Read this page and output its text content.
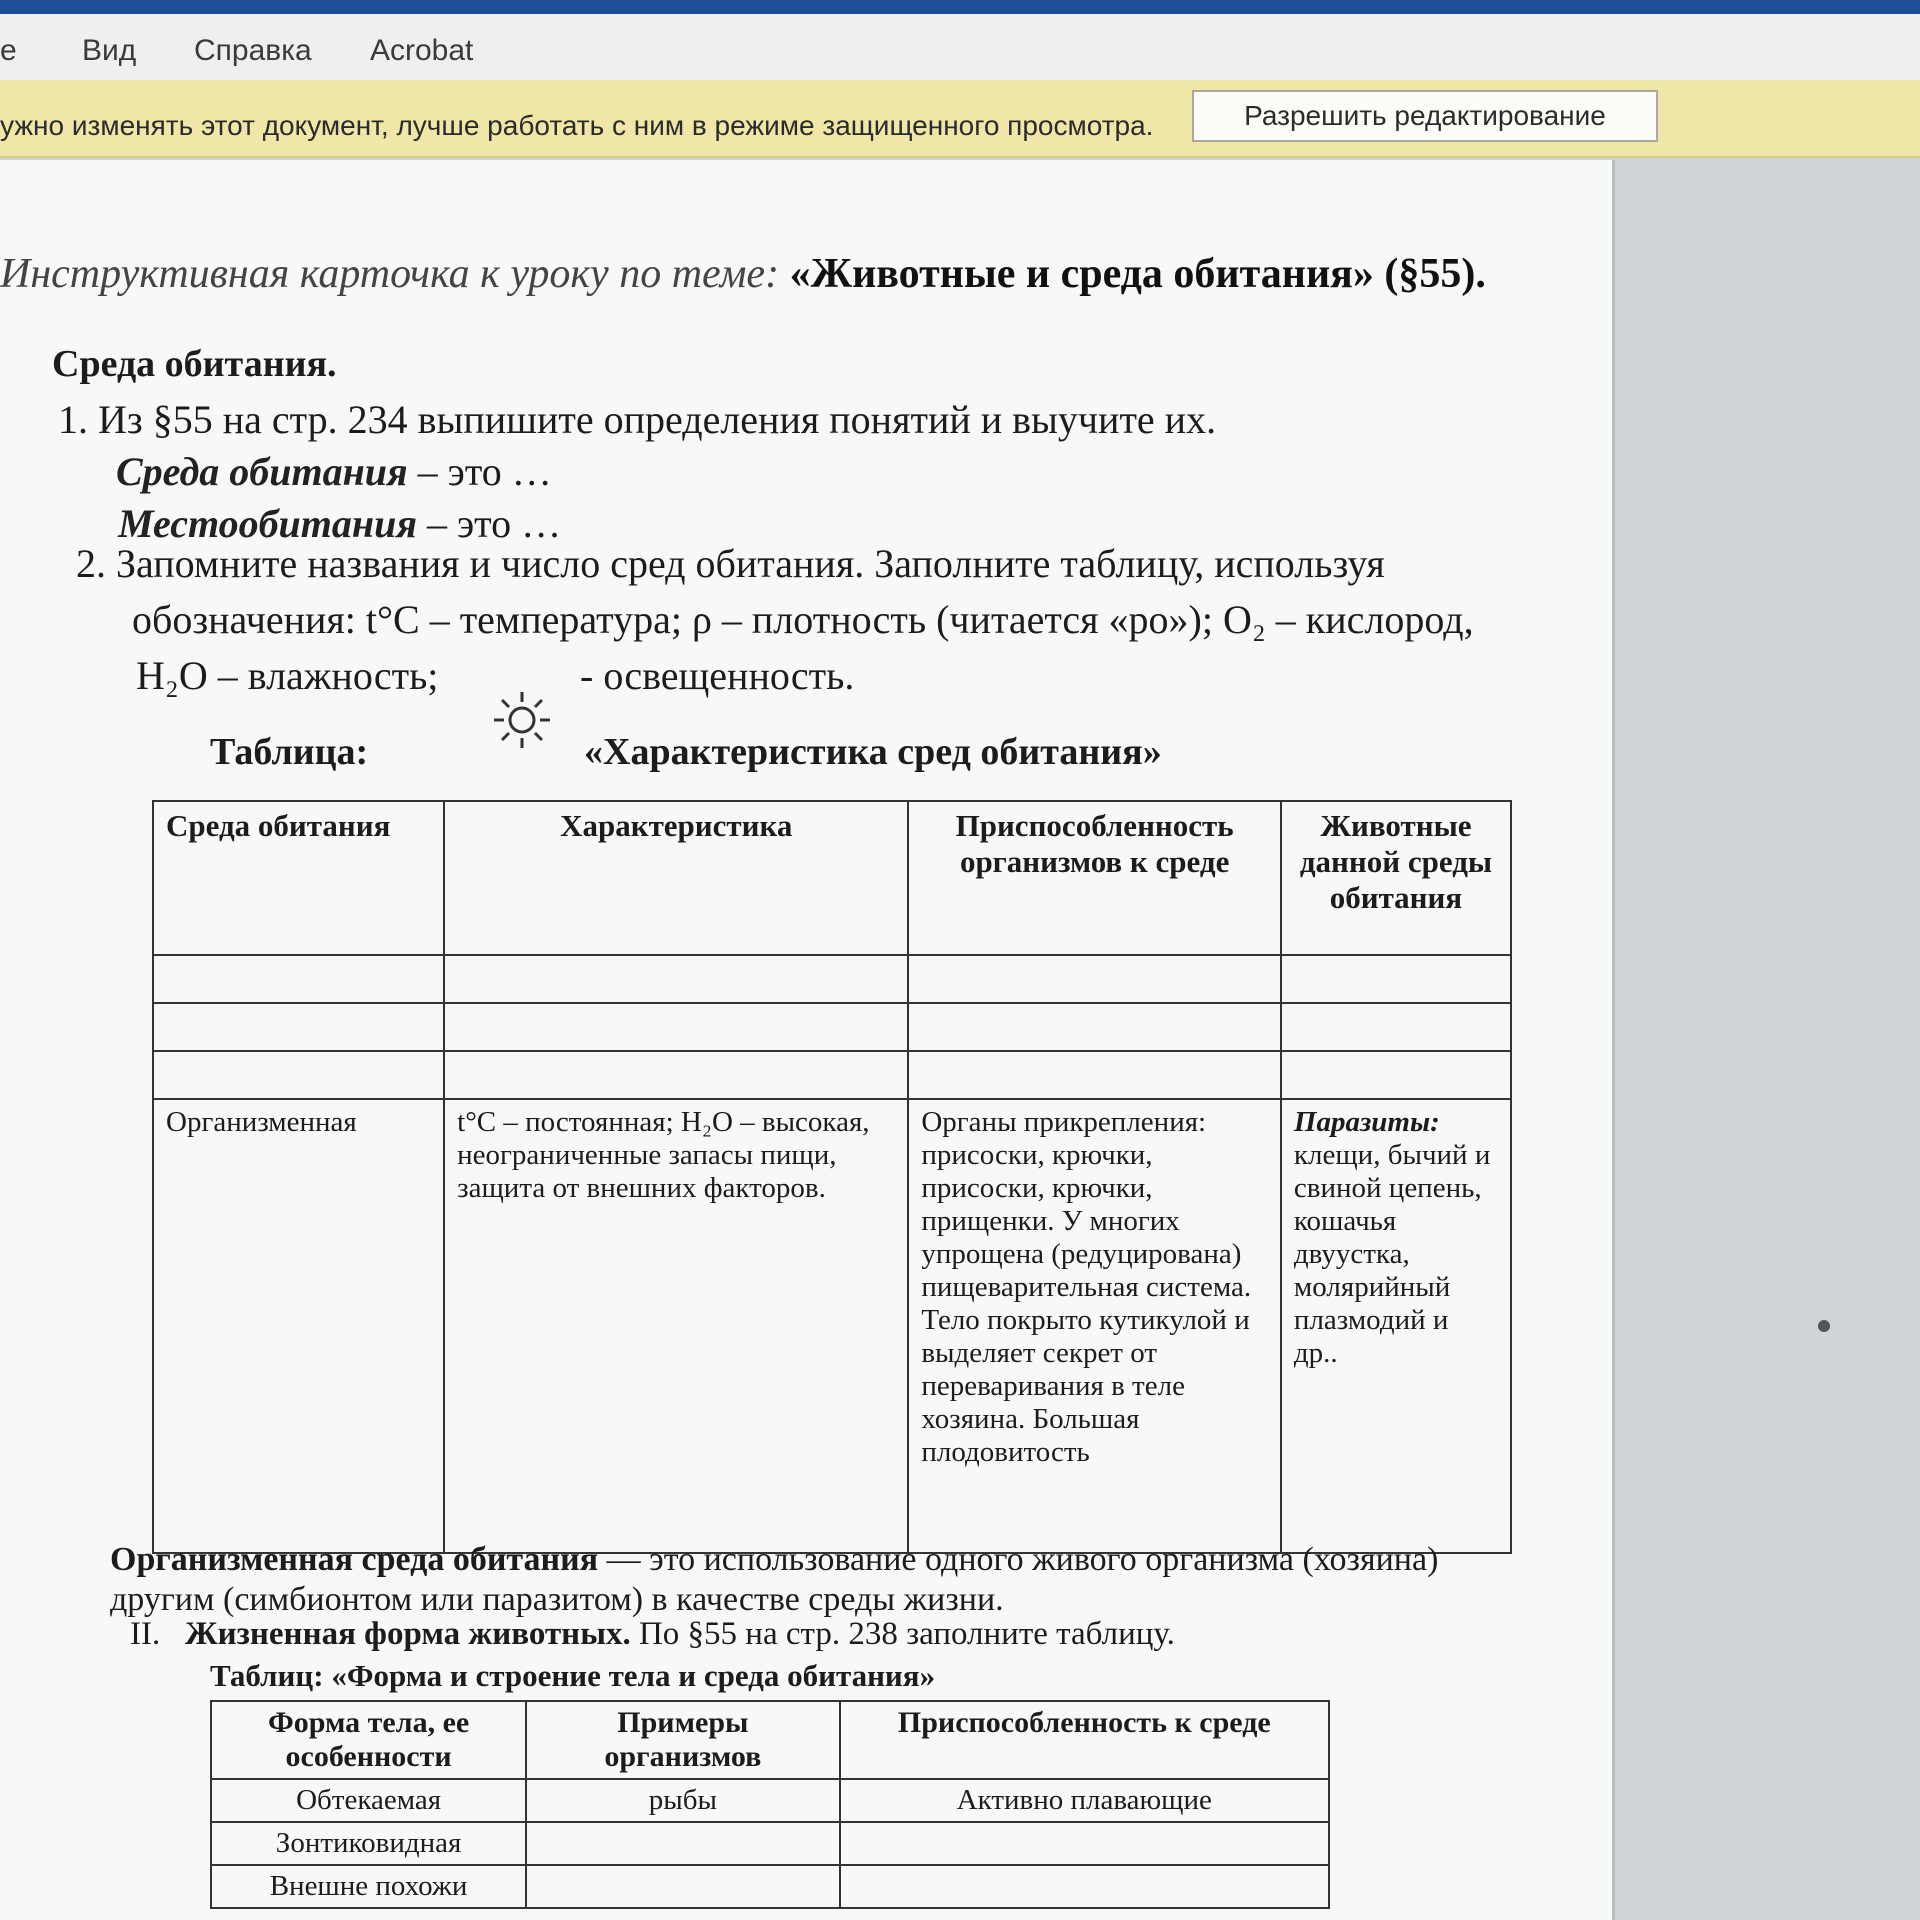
е Вид Справка Acrobat
ужно изменять этот документ, лучше работать с ним в режиме защищенного просмотра.	Разрешить редактирование
Инструктивная карточка к уроку по теме: «Животные и среда обитания» (§55).
Среда обитания.
1. Из §55 на стр. 234 выпишите определения понятий и выучите их.
Среда обитания – это …
Местообитания – это …
2. Запомните названия и число сред обитания. Заполните таблицу, используя
обозначения: t°C – температура; ρ – плотность (читается «ро»); O₂ – кислород,
H₂O – влажность;	- освещенность.
Таблица:	«Характеристика сред обитания»
Среда обитания	Характеристика	Приспособленность организмов к среде	Животные данной среды обитания

Организменная	t°C – постоянная; H₂O – высокая, неограниченные запасы пищи, защита от внешних факторов.	Органы прикрепления: присоски, крючки, присоски, крючки, прищенки. У многих упрощена (редуцирована) пищеварительная система. Тело покрыто кутикулой и выделяет секрет от переваривания в теле хозяина. Большая плодовитость	Паразиты:
клещи, бычий и свиной цепень, кошачья двуустка, молярийный плазмодий и др..
Организменная среда обитания — это использование одного живого организма (хозяина) другим (симбионтом или паразитом) в качестве среды жизни.
II. Жизненная форма животных. По §55 на стр. 238 заполните таблицу.
Таблиц: «Форма и строение тела и среда обитания»
Форма тела, ее особенности	Примеры организмов	Приспособленность к среде
Обтекаемая	рыбы	Активно плавающие
Зонтиковидная		
Внешне похожи		
